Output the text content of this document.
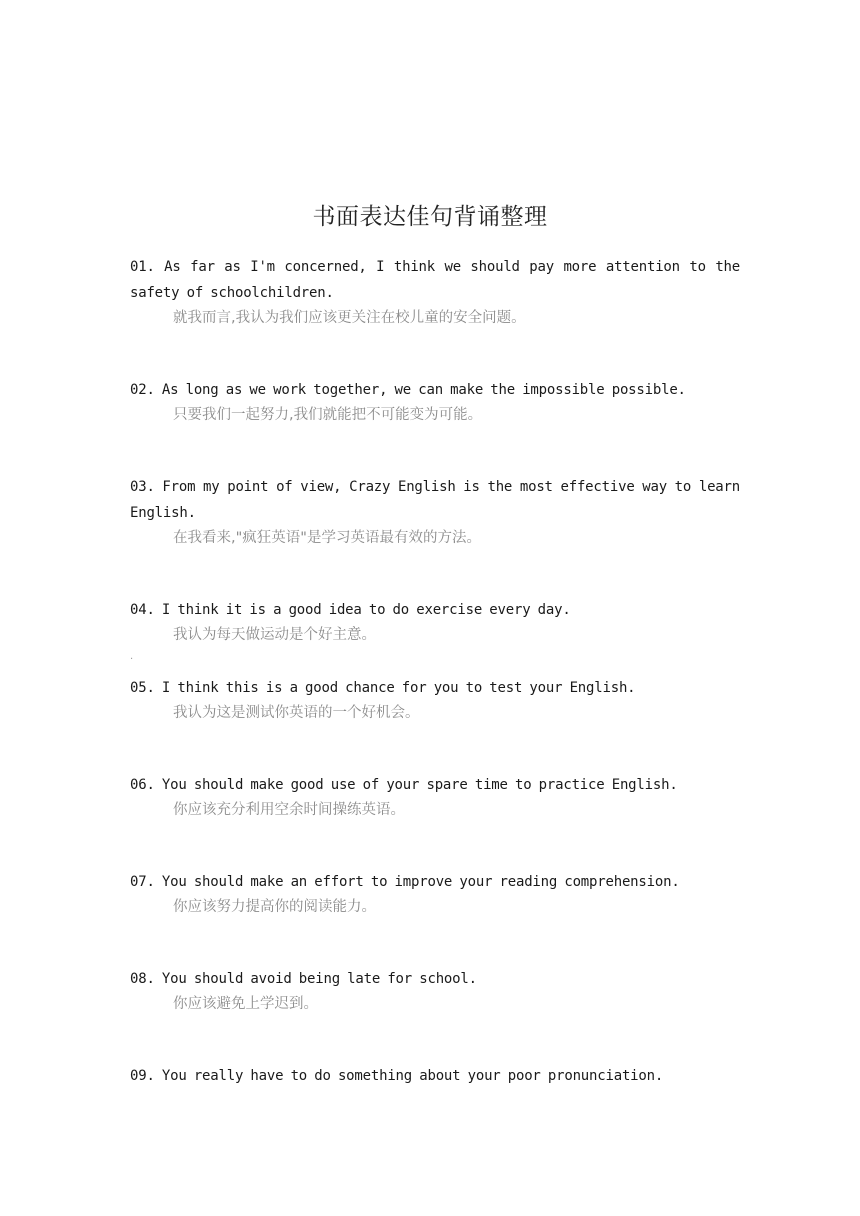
书面表达佳句背诵整理
01. As far as I'm concerned, I think we should pay more attention to the safety of schoolchildren.
就我而言,我认为我们应该更关注在校儿童的安全问题。
02. As long as we work together, we can make the impossible possible.
只要我们一起努力,我们就能把不可能变为可能。
03. From my point of view, Crazy English is the most effective way to learn English.
在我看来,"疯狂英语"是学习英语最有效的方法。
04. I think it is a good idea to do exercise every day.
我认为每天做运动是个好主意。
·
05. I think this is a good chance for you to test your English.
我认为这是测试你英语的一个好机会。
06. You should make good use of your spare time to practice English.
你应该充分利用空余时间操练英语。
07. You should make an effort to improve your reading comprehension.
你应该努力提高你的阅读能力。
08. You should avoid being late for school.
你应该避免上学迟到。
09. You really have to do something about your poor pronunciation.
